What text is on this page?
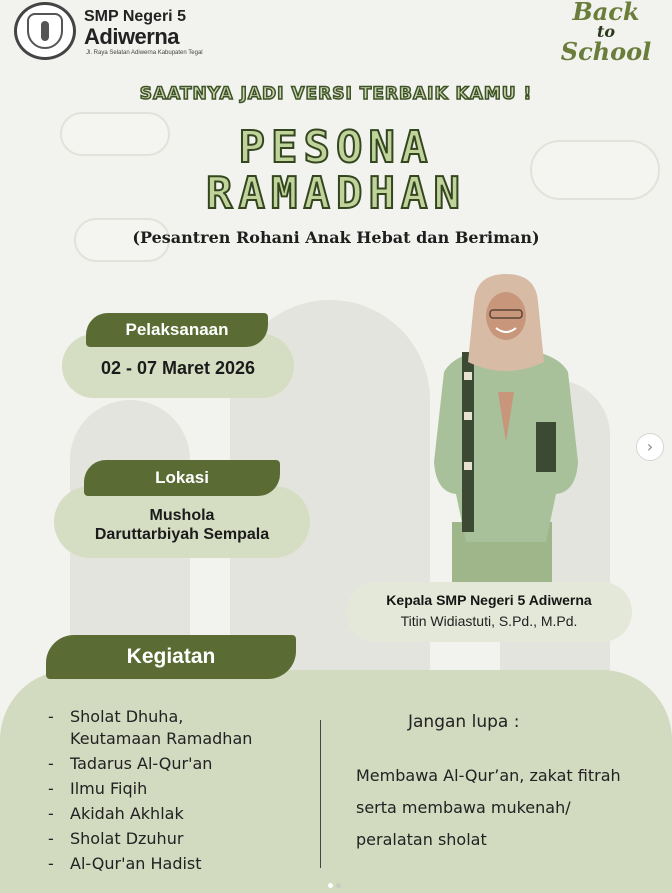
SMP Negeri 5
Adiwerna
Jl. Raya Selatan Adiwerna Kabupaten Tegal
Back
to
School
SAATNYA JADI VERSI TERBAIK KAMU !
PESONA
RAMADHAN
(Pesantren Rohani Anak Hebat dan Beriman)
02 - 07 Maret 2026
Pelaksanaan
Mushola
Daruttarbiyah Sempala
Lokasi
Kepala SMP Negeri 5 Adiwerna
Titin Widiastuti, S.Pd., M.Pd.
›
Kegiatan
- Sholat Dhuha,
Keutamaan Ramadhan
- Tadarus Al-Qur'an
- Ilmu Fiqih
- Akidah Akhlak
- Sholat Dzuhur
- Al-Qur'an Hadist
Jangan lupa :
Membawa Al-Qur’an, zakat fitrah
serta membawa mukenah/
peralatan sholat
